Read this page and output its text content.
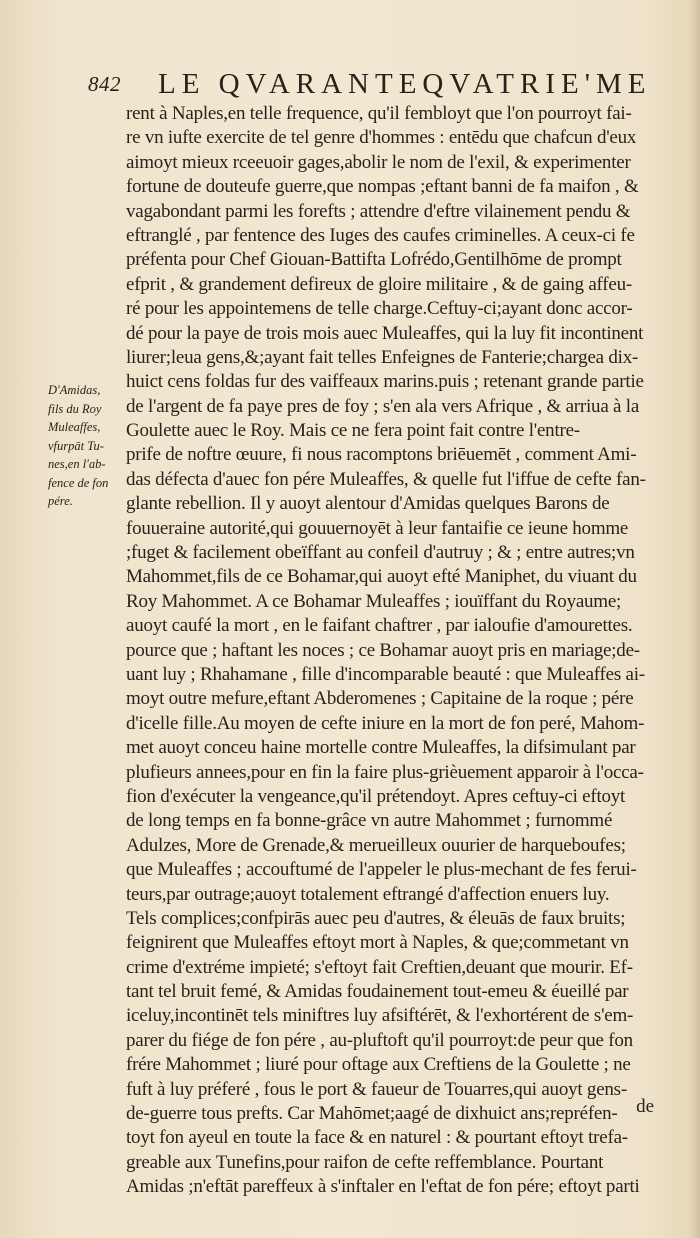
842 LE QVARANTEQVATRIE'ME
D'Amidas,
fils du Roy
Muleaffes,
vfurpāt Tu-
nes,en l'ab-
fence de fon
pére.
rent à Naples,en telle frequence, qu'il fembloyt que l'on pourroyt fai-
re vn iufte exercite de tel genre d'hommes : entēdu que chafcun d'eux
aimoyt mieux rceeuoir gages,abolir le nom de l'exil, & experimenter
fortune de douteufe guerre,que nompas ;eftant banni de fa maifon , &
vagabondant parmi les forefts ; attendre d'eftre vilainement pendu &
eftranglé , par fentence des Iuges des caufes criminelles. A ceux-ci fe
préfenta pour Chef Giouan-Battifta Lofrédo,Gentilhōme de prompt
efprit , & grandement defireux de gloire militaire , & de gaing affeu-
ré pour les appointemens de telle charge.Ceftuy-ci;ayant donc accor-
dé pour la paye de trois mois auec Muleaffes, qui la luy fit incontinent
liurer;leua gens,&;ayant fait telles Enfeignes de Fanterie;chargea dix-
huict cens foldas fur des vaiffeaux marins.puis ; retenant grande partie
de l'argent de fa paye pres de foy ; s'en ala vers Afrique , & arriua à la
Goulette auec le Roy. Mais ce ne fera point fait contre l'entre-
prife de noftre œuure, fi nous racomptons briēuemēt , comment Ami-
das défecta d'auec fon pére Muleaffes, & quelle fut l'iffue de cefte fan-
glante rebellion. Il y auoyt alentour d'Amidas quelques Barons de
fouueraine autorité,qui gouuernoyēt à leur fantaifie ce ieune homme
;fuget & facilement obeïffant au confeil d'autruy ; & ; entre autres;vn
Mahommet,fils de ce Bohamar,qui auoyt efté Maniphet, du viuant du
Roy Mahommet. A ce Bohamar Muleaffes ; iouïffant du Royaume;
auoyt caufé la mort , en le faifant chaftrer , par ialoufie d'amourettes.
pource que ; haftant les noces ; ce Bohamar auoyt pris en mariage;de-
uant luy ; Rhahamane , fille d'incomparable beauté : que Muleaffes ai-
moyt outre mefure,eftant Abderomenes ; Capitaine de la roque ; pére
d'icelle fille.Au moyen de cefte iniure en la mort de fon peré, Mahom-
met auoyt conceu haine mortelle contre Muleaffes, la difsimulant par
plufieurs annees,pour en fin la faire plus-grièuement apparoir à l'occa-
fion d'exécuter la vengeance,qu'il prétendoyt. Apres ceftuy-ci eftoyt
de long temps en fa bonne-grâce vn autre Mahommet ; furnommé
Adulzes, More de Grenade,& merueilleux ouurier de harqueboufes;
que Muleaffes ; accouftumé de l'appeler le plus-mechant de fes ferui-
teurs,par outrage;auoyt totalement eftrangé d'affection enuers luy.
Tels complices;confpirās auec peu d'autres, & éleuās de faux bruits;
feignirent que Muleaffes eftoyt mort à Naples, & que;commetant vn
crime d'extréme impieté; s'eftoyt fait Creftien,deuant que mourir. Ef-
tant tel bruit femé, & Amidas foudainement tout-emeu & éueillé par
iceluy,incontinēt tels miniftres luy afsiftérēt, & l'exhortérent de s'em-
parer du fiége de fon pére , au-pluftoft qu'il pourroyt:de peur que fon
frére Mahommet ; liuré pour oftage aux Creftiens de la Goulette ; ne
fuft à luy préferé , fous le port & faueur de Touarres,qui auoyt gens-
de-guerre tous prefts. Car Mahōmet;aagé de dixhuict ans;repréfen-
toyt fon ayeul en toute la face & en naturel : & pourtant eftoyt trefa-
greable aux Tunefins,pour raifon de cefte reffemblance. Pourtant
Amidas ;n'eftāt pareffeux à s'inftaler en l'eftat de fon pére; eftoyt parti
de
